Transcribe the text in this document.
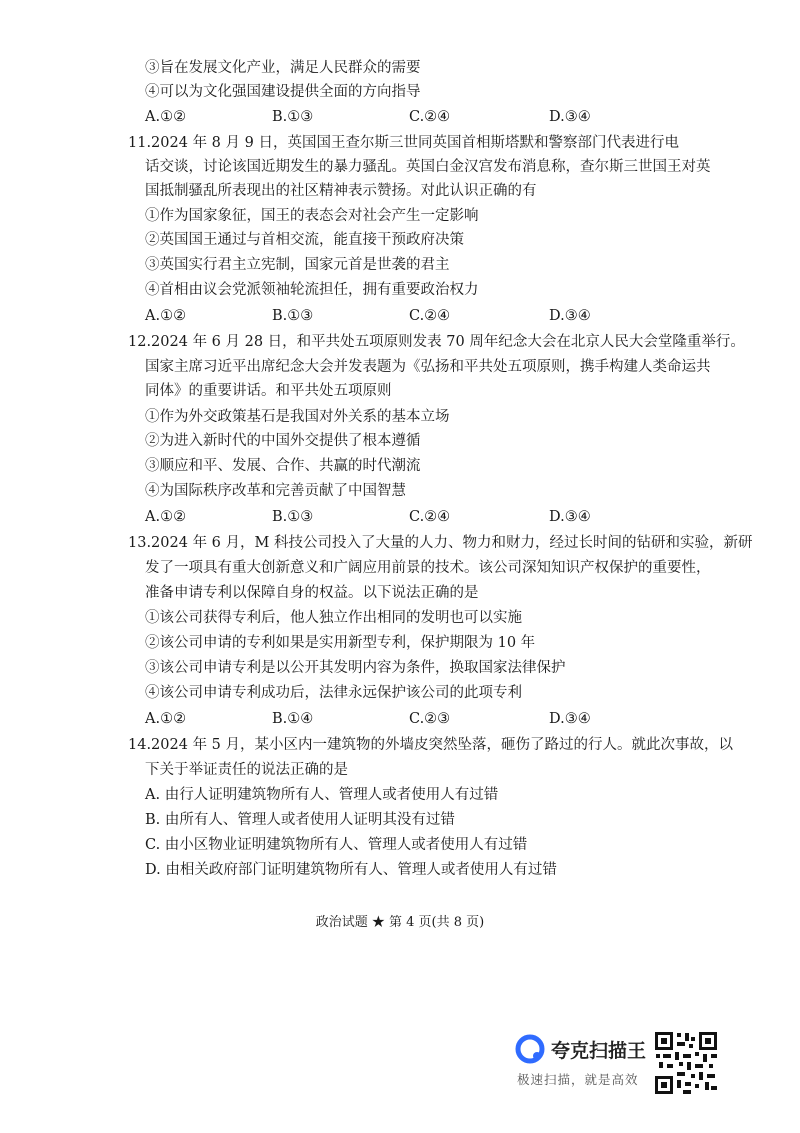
③旨在发展文化产业，满足人民群众的需要
④可以为文化强国建设提供全面的方向指导
A.①②	B.①③	C.②④	D.③④
11.2024 年 8 月 9 日，英国国王查尔斯三世同英国首相斯塔默和警察部门代表进行电
话交谈，讨论该国近期发生的暴力骚乱。英国白金汉宫发布消息称，查尔斯三世国王对英
国抵制骚乱所表现出的社区精神表示赞扬。对此认识正确的有
①作为国家象征，国王的表态会对社会产生一定影响
②英国国王通过与首相交流，能直接干预政府决策
③英国实行君主立宪制，国家元首是世袭的君主
④首相由议会党派领袖轮流担任，拥有重要政治权力
A.①②	B.①③	C.②④	D.③④
12.2024 年 6 月 28 日，和平共处五项原则发表 70 周年纪念大会在北京人民大会堂隆重举行。
国家主席习近平出席纪念大会并发表题为《弘扬和平共处五项原则，携手构建人类命运共
同体》的重要讲话。和平共处五项原则
①作为外交政策基石是我国对外关系的基本立场
②为进入新时代的中国外交提供了根本遵循
③顺应和平、发展、合作、共赢的时代潮流
④为国际秩序改革和完善贡献了中国智慧
A.①②	B.①③	C.②④	D.③④
13.2024 年 6 月，M 科技公司投入了大量的人力、物力和财力，经过长时间的钻研和实验，新研
发了一项具有重大创新意义和广阔应用前景的技术。该公司深知知识产权保护的重要性，
准备申请专利以保障自身的权益。以下说法正确的是
①该公司获得专利后，他人独立作出相同的发明也可以实施
②该公司申请的专利如果是实用新型专利，保护期限为 10 年
③该公司申请专利是以公开其发明内容为条件，换取国家法律保护
④该公司申请专利成功后，法律永远保护该公司的此项专利
A.①②	B.①④	C.②③	D.③④
14.2024 年 5 月，某小区内一建筑物的外墙皮突然坠落，砸伤了路过的行人。就此次事故，以
下关于举证责任的说法正确的是
A. 由行人证明建筑物所有人、管理人或者使用人有过错
B. 由所有人、管理人或者使用人证明其没有过错
C. 由小区物业证明建筑物所有人、管理人或者使用人有过错
D. 由相关政府部门证明建筑物所有人、管理人或者使用人有过错
政治试题 ★ 第 4 页(共 8 页)
夸克扫描王
极速扫描，就是高效
